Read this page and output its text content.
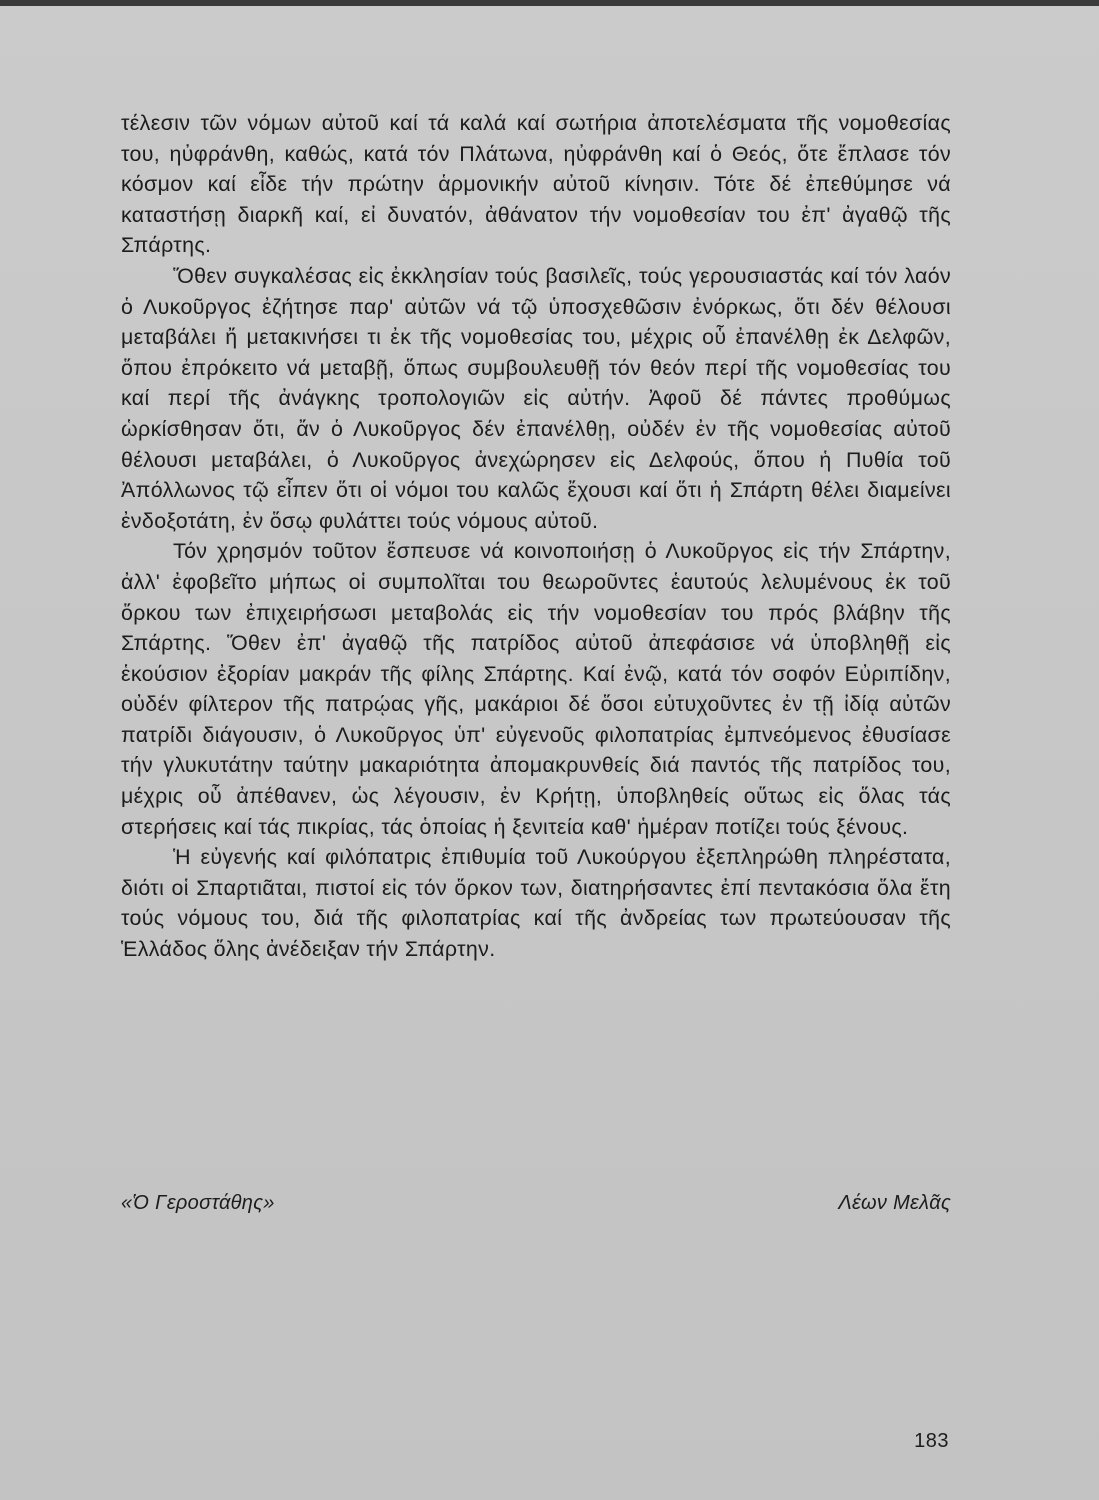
τέλεσιν τῶν νόμων αὐτοῦ καί τά καλά καί σωτήρια ἀποτελέσματα τῆς νομοθεσίας του, ηὐφράνθη, καθώς, κατά τόν Πλάτωνα, ηὐφράνθη καί ὁ Θεός, ὅτε ἔπλασε τόν κόσμον καί εἶδε τήν πρώτην ἁρμονικήν αὐτοῦ κίνησιν. Τότε δέ ἐπεθύμησε νά καταστήσῃ διαρκῆ καί, εἰ δυνατόν, ἀθάνατον τήν νομοθεσίαν του ἐπ' ἀγαθῷ τῆς Σπάρτης.

Ὅθεν συγκαλέσας εἰς ἐκκλησίαν τούς βασιλεῖς, τούς γερουσιαστάς καί τόν λαόν ὁ Λυκοῦργος ἐζήτησε παρ' αὐτῶν νά τῷ ὑποσχεθῶσιν ἐνόρκως, ὅτι δέν θέλουσι μεταβάλει ἤ μετακινήσει τι ἐκ τῆς νομοθεσίας του, μέχρις οὗ ἐπανέλθῃ ἐκ Δελφῶν, ὅπου ἐπρόκειτο νά μεταβῇ, ὅπως συμβουλευθῇ τόν θεόν περί τῆς νομοθεσίας του καί περί τῆς ἀνάγκης τροπολογιῶν εἰς αὐτήν. Ἀφοῦ δέ πάντες προθύμως ὡρκίσθησαν ὅτι, ἄν ὁ Λυκοῦργος δέν ἐπανέλθῃ, οὐδέν ἐν τῆς νομοθεσίας αὐτοῦ θέλουσι μεταβάλει, ὁ Λυκοῦργος ἀνεχώρησεν εἰς Δελφούς, ὅπου ἡ Πυθία τοῦ Ἀπόλλωνος τῷ εἶπεν ὅτι οἱ νόμοι του καλῶς ἔχουσι καί ὅτι ἡ Σπάρτη θέλει διαμείνει ἐνδοξοτάτη, ἐν ὅσῳ φυλάττει τούς νόμους αὐτοῦ.

Τόν χρησμόν τοῦτον ἔσπευσε νά κοινοποιήσῃ ὁ Λυκοῦργος εἰς τήν Σπάρτην, ἀλλ' ἐφοβεῖτο μήπως οἱ συμπολῖται του θεωροῦντες ἑαυτούς λελυμένους ἐκ τοῦ ὅρκου των ἐπιχειρήσωσι μεταβολάς εἰς τήν νομοθεσίαν του πρός βλάβην τῆς Σπάρτης. Ὅθεν ἐπ' ἀγαθῷ τῆς πατρίδος αὐτοῦ ἀπεφάσισε νά ὑποβληθῇ εἰς ἑκούσιον ἐξορίαν μακράν τῆς φίλης Σπάρτης. Καί ἐνῷ, κατά τόν σοφόν Εὐριπίδην, οὐδέν φίλτερον τῆς πατρῴας γῆς, μακάριοι δέ ὅσοι εὐτυχοῦντες ἐν τῇ ἰδίᾳ αὐτῶν πατρίδι διάγουσιν, ὁ Λυκοῦργος ὑπ' εὐγενοῦς φιλοπατρίας ἐμπνεόμενος ἐθυσίασε τήν γλυκυτάτην ταύτην μακαριότητα ἀπομακρυνθείς διά παντός τῆς πατρίδος του, μέχρις οὗ ἀπέθανεν, ὡς λέγουσιν, ἐν Κρήτῃ, ὑποβληθείς οὕτως εἰς ὅλας τάς στερήσεις καί τάς πικρίας, τάς ὁποίας ἡ ξενιτεία καθ' ἡμέραν ποτίζει τούς ξένους.

Ἡ εὐγενής καί φιλόπατρις ἐπιθυμία τοῦ Λυκούργου ἐξεπληρώθη πληρέστατα, διότι οἱ Σπαρτιᾶται, πιστοί εἰς τόν ὅρκον των, διατηρήσαντες ἐπί πεντακόσια ὅλα ἔτη τούς νόμους του, διά τῆς φιλοπατρίας καί τῆς ἀνδρείας των πρωτεύουσαν τῆς Ἑλλάδος ὅλης ἀνέδειξαν τήν Σπάρτην.

«Ὁ Γεροστάθης»	Λέων Μελᾶς
183
